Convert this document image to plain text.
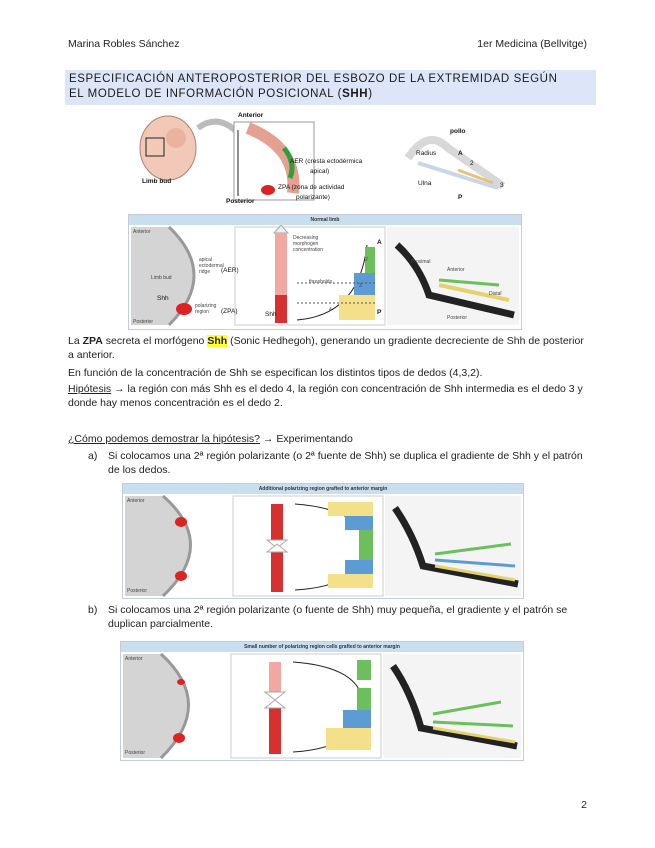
Marina Robles Sánchez	1er Medicina (Bellvitge)
ESPECIFICACIÓN ANTEROPOSTERIOR DEL ESBOZO DE LA EXTREMIDAD SEGÚN
EL MODELO DE INFORMACIÓN POSICIONAL (SHH)
Limb bud
Anterior
Posterior
AER (cresta ectodérmica
apical)
ZPA (zona de actividad
polarizante)
pollo
Radius
Ulna
A
P
2
3
Normal limb
Anterior
Posterior
apical ectodermal ridge	(AER)
Limb bud
Shh
polarizing region	(ZPA)
Decreasing morphogen concentration
thresholds
A
P
2
3
4
Shh
Proximal
Anterior
Distal
Posterior
La ZPA secreta el morfógeno Shh (Sonic Hedhegoh), generando un gradiente decreciente de Shh de posterior a anterior.
En función de la concentración de Shh se especifican los distintos tipos de dedos (4,3,2).
Hipótesis → la región con más Shh es el dedo 4, la región con concentración de Shh intermedia es el dedo 3 y donde hay menos concentración es el dedo 2.
¿Cómo podemos demostrar la hipótesis? → Experimentando
a) Si colocamos una 2ª región polarizante (o 2ª fuente de Shh) se duplica el gradiente de Shh y el patrón de los dedos.
Additional polarizing region grafted to anterior margin
Anterior
Posterior
b) Si colocamos una 2ª región polarizante (o fuente de Shh) muy pequeña, el gradiente y el patrón se duplican parcialmente.
Small number of polarizing region cells grafted to anterior margin
Anterior
Posterior
2
